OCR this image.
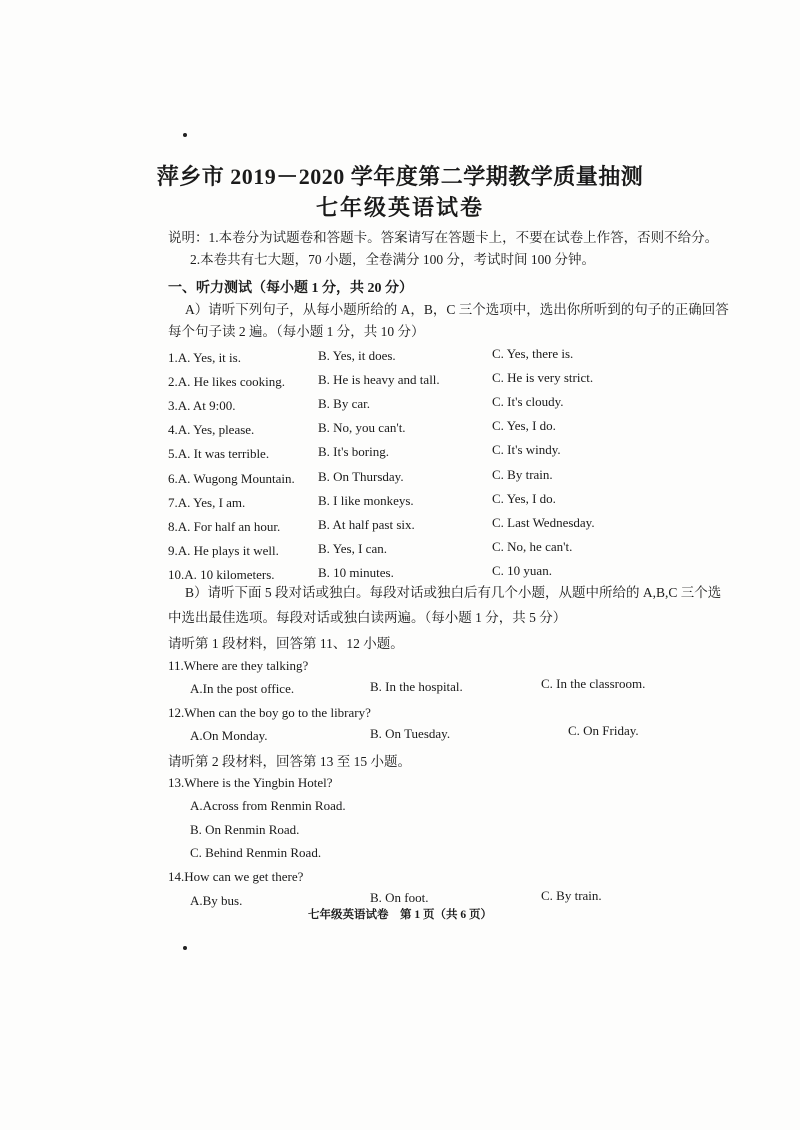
萍乡市 2019－2020 学年度第二学期教学质量抽测
七年级英语试卷
说明：1.本卷分为试题卷和答题卡。答案请写在答题卡上，不要在试卷上作答，否则不给分。
2.本卷共有七大题，70 小题，全卷满分 100 分，考试时间 100 分钟。
一、听力测试（每小题 1 分，共 20 分）
A）请听下列句子，从每小题所给的 A，B，C 三个选项中，选出你所听到的句子的正确回答
每个句子读 2 遍。（每小题 1 分，共 10 分）
1.A. Yes, it is.	B. Yes, it does.	C. Yes, there is.
2.A. He likes cooking.	B. He is heavy and tall.	C. He is very strict.
3.A. At 9:00.	B. By car.	C. It's cloudy.
4.A. Yes, please.	B. No, you can't.	C. Yes, I do.
5.A. It was terrible.	B. It's boring.	C. It's windy.
6.A. Wugong Mountain. B. On Thursday.	C. By train.
7.A. Yes, I am.	B. I like monkeys.	C. Yes, I do.
8.A. For half an hour.	B. At half past six.	C. Last Wednesday.
9.A. He plays it well.	B. Yes, I can.	C. No, he can't.
10.A. 10 kilometers.	B. 10 minutes.	C. 10 yuan.
B）请听下面 5 段对话或独白。每段对话或独白后有几个小题，从题中所给的 A,B,C 三个选
中选出最佳选项。每段对话或独白读两遍。（每小题 1 分，共 5 分）
请听第 1 段材料，回答第 11、12 小题。
11.Where are they talking?
A.In the post office.	B. In the hospital.	C. In the classroom.
12.When can the boy go to the library?
A.On Monday.	B. On Tuesday.	C. On Friday.
请听第 2 段材料，回答第 13 至 15 小题。
13.Where is the Yingbin Hotel?
A.Across from Renmin Road.
B. On Renmin Road.
C. Behind Renmin Road.
14.How can we get there?
A.By bus.	B. On foot.	C. By train.
七年级英语试卷　第 1 页（共 6 页）
